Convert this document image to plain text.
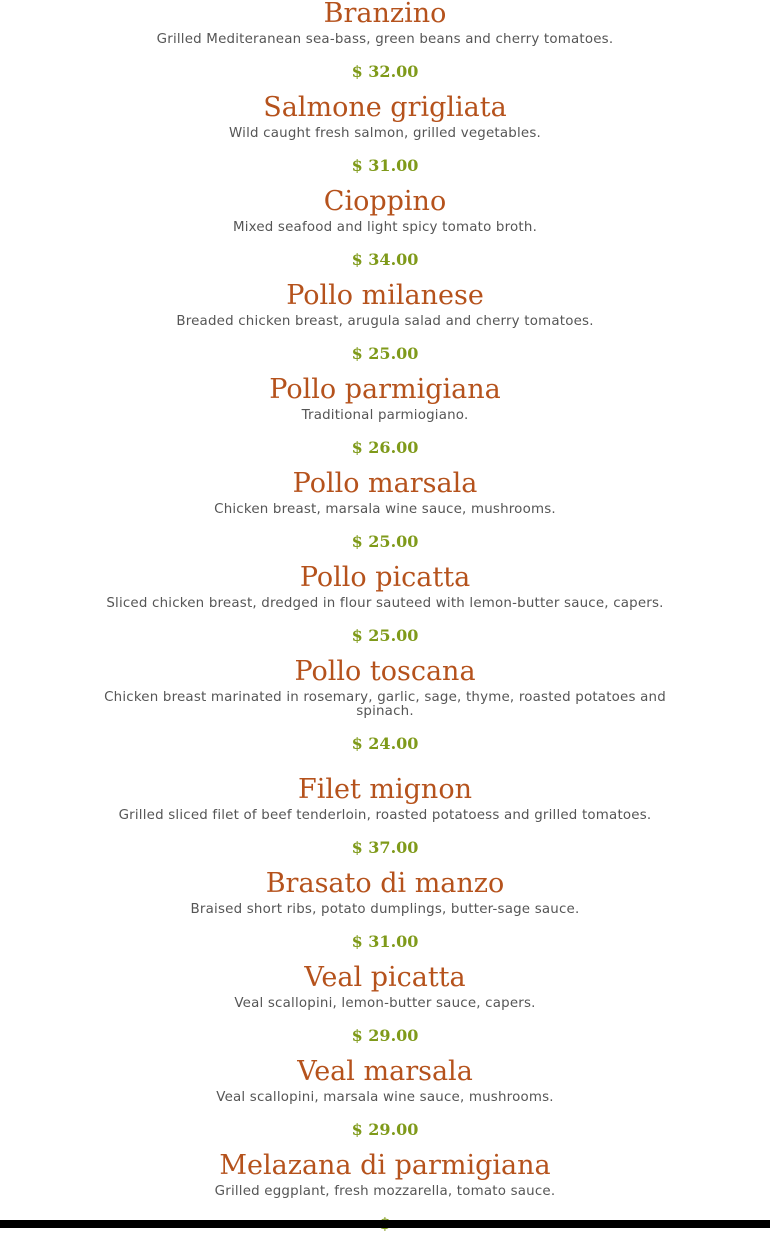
Branzino
Grilled Mediteranean sea-bass, green beans and cherry tomatoes.
$ 32.00
Salmone grigliata
Wild caught fresh salmon, grilled vegetables.
$ 31.00
Cioppino
Mixed seafood and light spicy tomato broth.
$ 34.00
Pollo milanese
Breaded chicken breast, arugula salad and cherry tomatoes.
$ 25.00
Pollo parmigiana
Traditional parmiogiano.
$ 26.00
Pollo marsala
Chicken breast, marsala wine sauce, mushrooms.
$ 25.00
Pollo picatta
Sliced chicken breast, dredged in flour sauteed with lemon-butter sauce, capers.
$ 25.00
Pollo toscana
Chicken breast marinated in rosemary, garlic, sage, thyme, roasted potatoes and spinach.
$ 24.00
Filet mignon
Grilled sliced filet of beef tenderloin, roasted potatoess and grilled tomatoes.
$ 37.00
Brasato di manzo
Braised short ribs, potato dumplings, butter-sage sauce.
$ 31.00
Veal picatta
Veal scallopini, lemon-butter sauce, capers.
$ 29.00
Veal marsala
Veal scallopini, marsala wine sauce, mushrooms.
$ 29.00
Melazana di parmigiana
Grilled eggplant, fresh mozzarella, tomato sauce.
